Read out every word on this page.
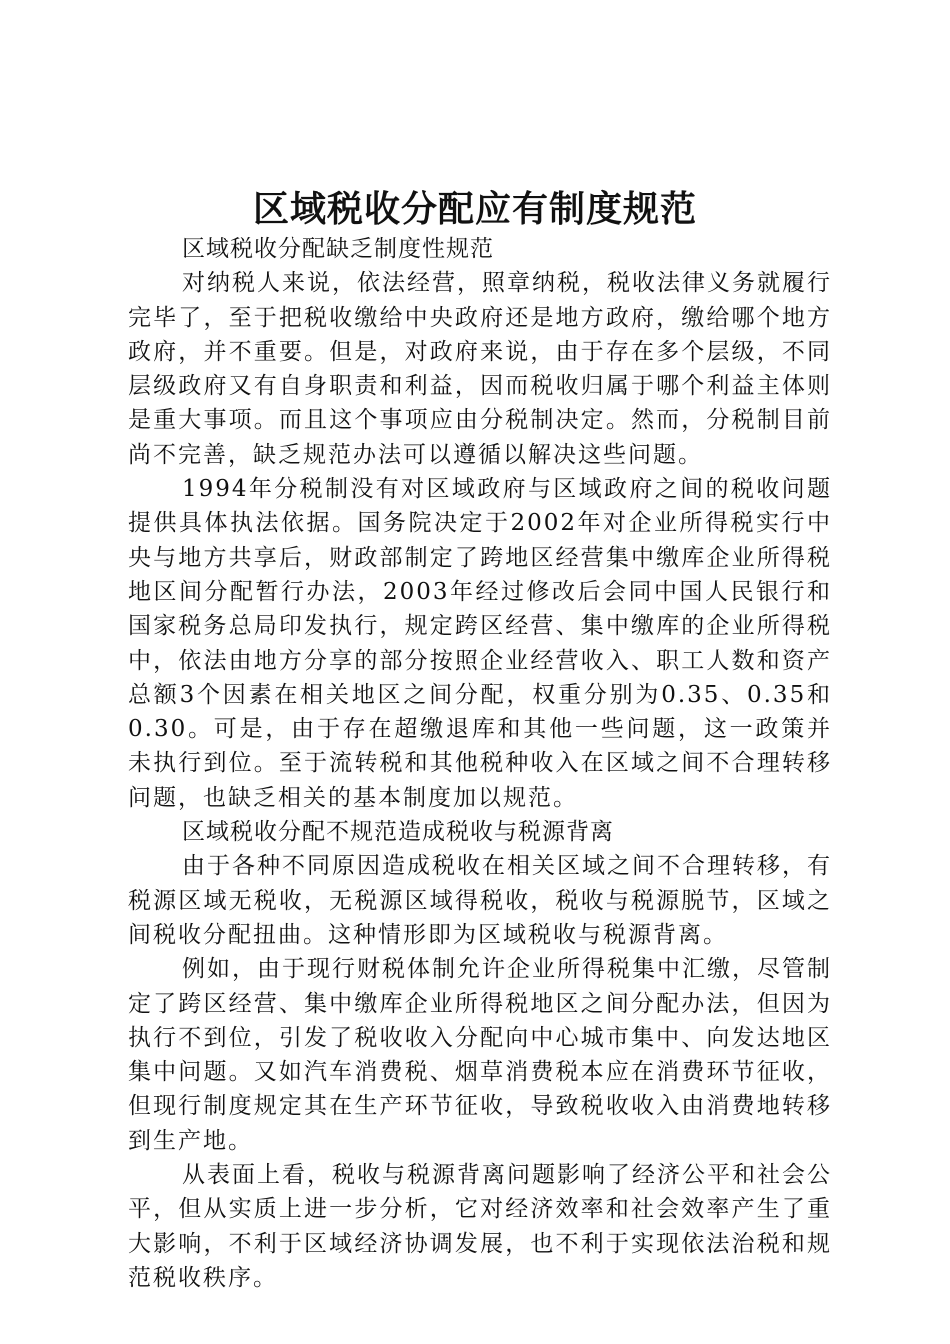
区域税收分配应有制度规范

区域税收分配缺乏制度性规范

对纳税人来说，依法经营，照章纳税，税收法律义务就履行完毕了，至于把税收缴给中央政府还是地方政府，缴给哪个地方政府，并不重要。但是，对政府来说，由于存在多个层级，不同层级政府又有自身职责和利益，因而税收归属于哪个利益主体则是重大事项。而且这个事项应由分税制决定。然而，分税制目前尚不完善，缺乏规范办法可以遵循以解决这些问题。

1994年分税制没有对区域政府与区域政府之间的税收问题提供具体执法依据。国务院决定于2002年对企业所得税实行中央与地方共享后，财政部制定了跨地区经营集中缴库企业所得税地区间分配暂行办法，2003年经过修改后会同中国人民银行和国家税务总局印发执行，规定跨区经营、集中缴库的企业所得税中，依法由地方分享的部分按照企业经营收入、职工人数和资产总额3个因素在相关地区之间分配，权重分别为0.35、0.35和0.30。可是，由于存在超缴退库和其他一些问题，这一政策并未执行到位。至于流转税和其他税种收入在区域之间不合理转移问题，也缺乏相关的基本制度加以规范。

区域税收分配不规范造成税收与税源背离

由于各种不同原因造成税收在相关区域之间不合理转移，有税源区域无税收，无税源区域得税收，税收与税源脱节，区域之间税收分配扭曲。这种情形即为区域税收与税源背离。

例如，由于现行财税体制允许企业所得税集中汇缴，尽管制定了跨区经营、集中缴库企业所得税地区之间分配办法，但因为执行不到位，引发了税收收入分配向中心城市集中、向发达地区集中问题。又如汽车消费税、烟草消费税本应在消费环节征收，但现行制度规定其在生产环节征收，导致税收收入由消费地转移到生产地。

从表面上看，税收与税源背离问题影响了经济公平和社会公平，但从实质上进一步分析，它对经济效率和社会效率产生了重大影响，不利于区域经济协调发展，也不利于实现依法治税和规范税收秩序。
